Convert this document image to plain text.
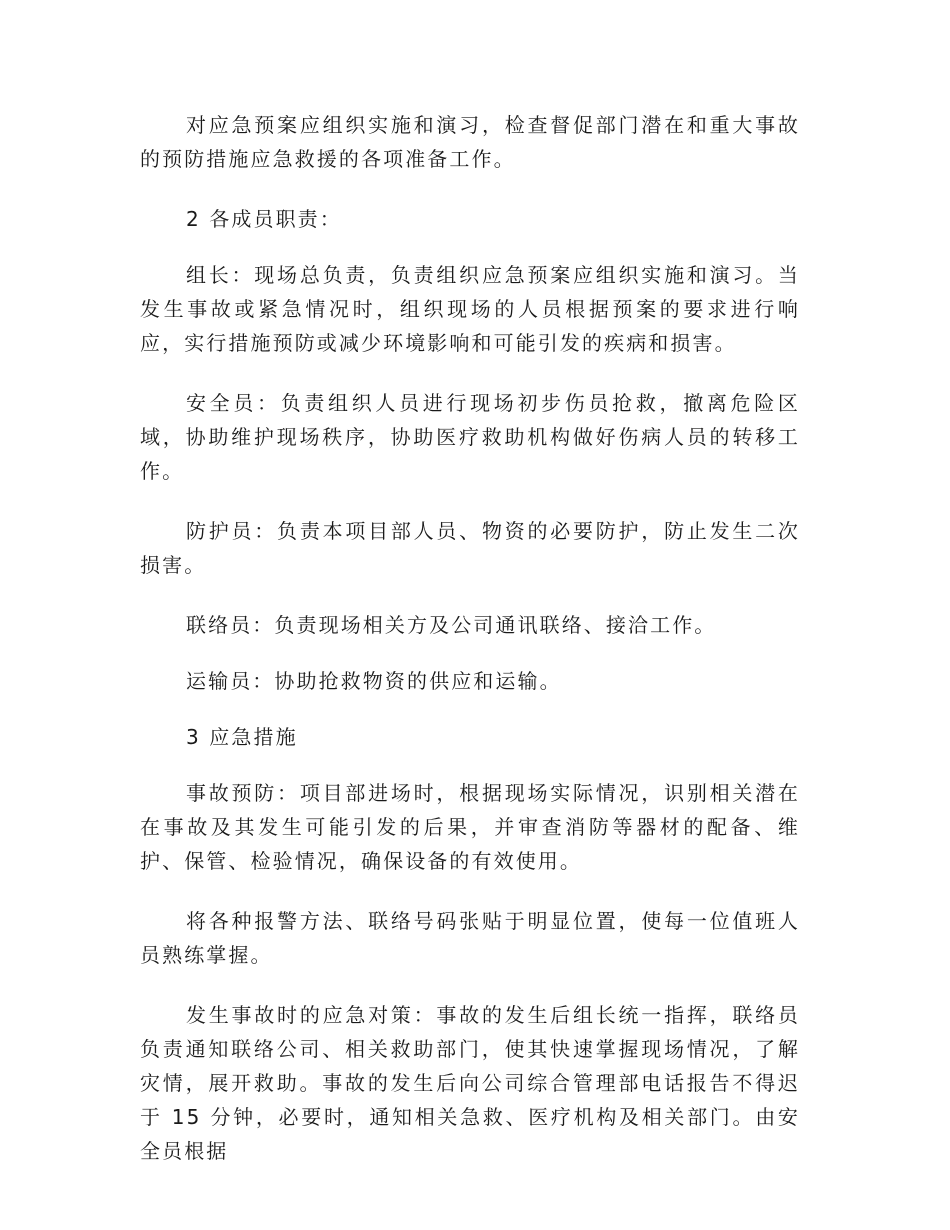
对应急预案应组织实施和演习，检查督促部门潜在和重大事故的预防措施应急救援的各项准备工作。

2 各成员职责：

组长：现场总负责，负责组织应急预案应组织实施和演习。当发生事故或紧急情况时，组织现场的人员根据预案的要求进行响应，实行措施预防或减少环境影响和可能引发的疾病和损害。

安全员：负责组织人员进行现场初步伤员抢救，撤离危险区域，协助维护现场秩序，协助医疗救助机构做好伤病人员的转移工作。

防护员：负责本项目部人员、物资的必要防护，防止发生二次损害。

联络员：负责现场相关方及公司通讯联络、接洽工作。

运输员：协助抢救物资的供应和运输。

3 应急措施

事故预防：项目部进场时，根据现场实际情况，识别相关潜在在事故及其发生可能引发的后果，并审查消防等器材的配备、维护、保管、检验情况，确保设备的有效使用。

将各种报警方法、联络号码张贴于明显位置，使每一位值班人员熟练掌握。

发生事故时的应急对策：事故的发生后组长统一指挥，联络员负责通知联络公司、相关救助部门，使其快速掌握现场情况，了解灾情，展开救助。事故的发生后向公司综合管理部电话报告不得迟于 15 分钟，必要时，通知相关急救、医疗机构及相关部门。由安全员根据
